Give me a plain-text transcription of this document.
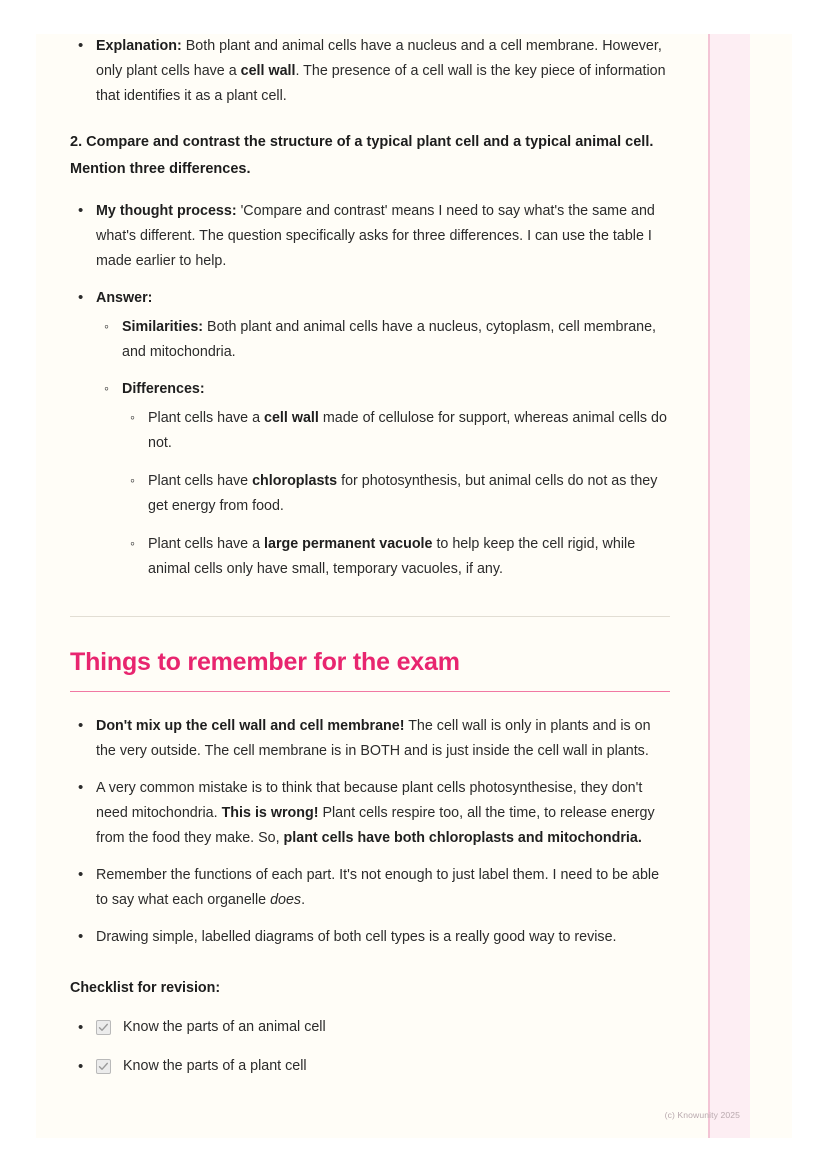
• Explanation: Both plant and animal cells have a nucleus and a cell membrane. However, only plant cells have a cell wall. The presence of a cell wall is the key piece of information that identifies it as a plant cell.
2. Compare and contrast the structure of a typical plant cell and a typical animal cell. Mention three differences.
• My thought process: 'Compare and contrast' means I need to say what's the same and what's different. The question specifically asks for three differences. I can use the table I made earlier to help.
• Answer:
◦ Similarities: Both plant and animal cells have a nucleus, cytoplasm, cell membrane, and mitochondria.
◦ Differences:
◦ Plant cells have a cell wall made of cellulose for support, whereas animal cells do not.
◦ Plant cells have chloroplasts for photosynthesis, but animal cells do not as they get energy from food.
◦ Plant cells have a large permanent vacuole to help keep the cell rigid, while animal cells only have small, temporary vacuoles, if any.
Things to remember for the exam
• Don't mix up the cell wall and cell membrane! The cell wall is only in plants and is on the very outside. The cell membrane is in BOTH and is just inside the cell wall in plants.
• A very common mistake is to think that because plant cells photosynthesise, they don't need mitochondria. This is wrong! Plant cells respire too, all the time, to release energy from the food they make. So, plant cells have both chloroplasts and mitochondria.
• Remember the functions of each part. It's not enough to just label them. I need to be able to say what each organelle does.
• Drawing simple, labelled diagrams of both cell types is a really good way to revise.
Checklist for revision:
• Know the parts of an animal cell
• Know the parts of a plant cell
(c) Knowunity 2025
